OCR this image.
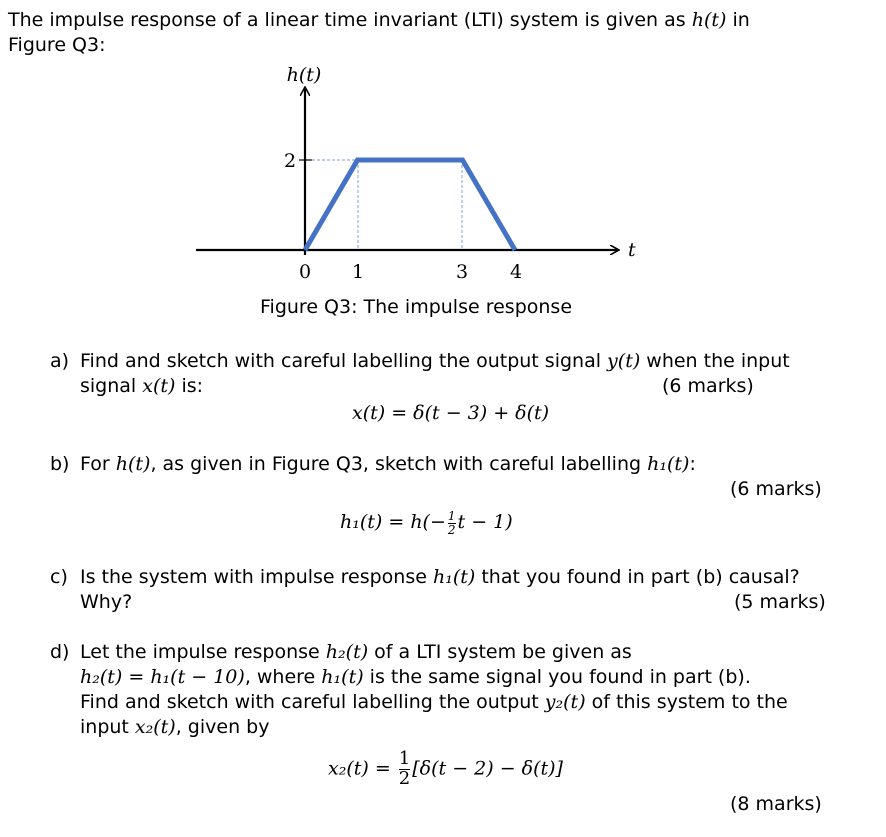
The impulse response of a linear time invariant (LTI) system is given as h(t) in
Figure Q3:
h(t)
t
2
0 1	3 4
Figure Q3: The impulse response
a) Find and sketch with careful labelling the output signal y(t) when the input
signal x(t) is:	(6 marks)
x(t) = δ(t − 3) + δ(t)
b) For h(t), as given in Figure Q3, sketch with careful labelling h₁(t):
(6 marks)
$h_1(t) = h(- \frac{1}{2}$ t − 1)
c) Is the system with impulse response h₁(t) that you found in part (b) causal?
Why?	(5 marks)
d) Let the impulse response h₂(t) of a LTI system be given as
h₂(t) = h₁(t − 10), where h₁(t) is the same signal you found in part (b).
Find and sketch with careful labelling the output y₂(t) of this system to the
input x₂(t), given by
$x_2(t) = \frac{1}{2} [\delta(t - 2) - \delta(t)]$
(8 marks)
